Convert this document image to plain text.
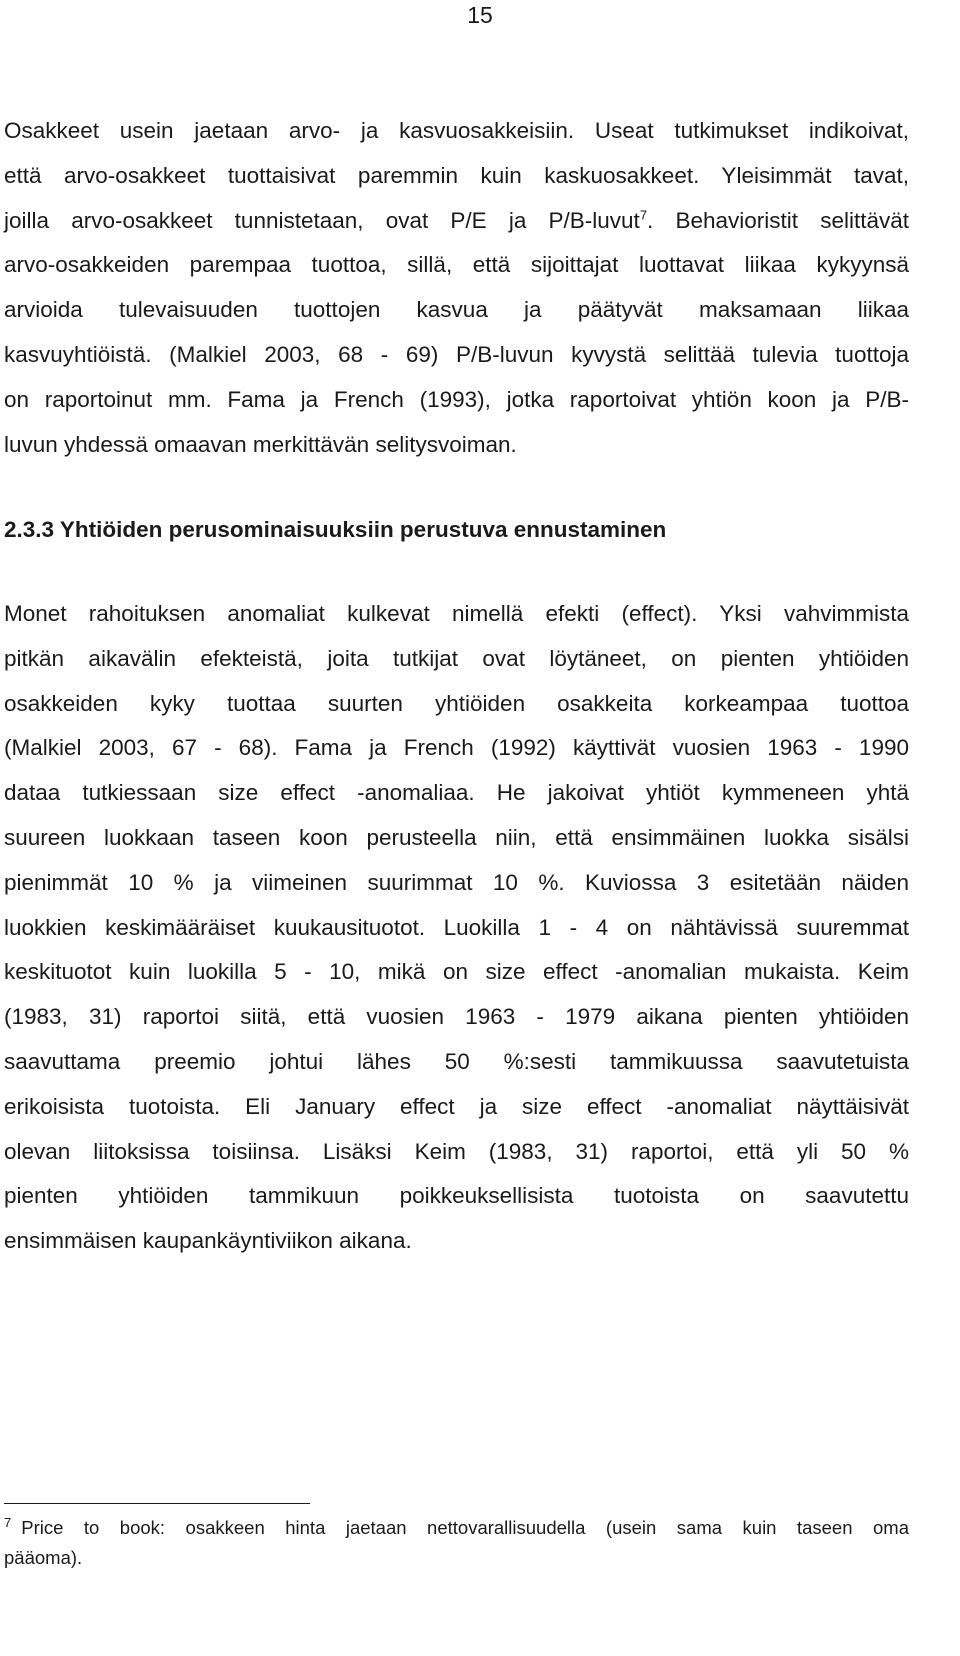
15
Osakkeet usein jaetaan arvo- ja kasvuosakkeisiin. Useat tutkimukset indikoivat,
että arvo-osakkeet tuottaisivat paremmin kuin kaskuosakkeet. Yleisimmät tavat,
joilla arvo-osakkeet tunnistetaan, ovat P/E ja P/B-luvut$^7$. Behavioristit selittävät
arvo-osakkeiden parempaa tuottoa, sillä, että sijoittajat luottavat liikaa kykyynsä
arvioida tulevaisuuden tuottojen kasvua ja päätyvät maksamaan liikaa
kasvuyhtiöistä. (Malkiel 2003, 68 - 69) P/B-luvun kyvystä selittää tulevia tuottoja
on raportoinut mm. Fama ja French (1993), jotka raportoivat yhtiön koon ja P/B-
luvun yhdessä omaavan merkittävän selitysvoiman.
2.3.3 Yhtiöiden perusominaisuuksiin perustuva ennustaminen
Monet rahoituksen anomaliat kulkevat nimellä efekti (effect). Yksi vahvimmista
pitkän aikavälin efekteistä, joita tutkijat ovat löytäneet, on pienten yhtiöiden
osakkeiden kyky tuottaa suurten yhtiöiden osakkeita korkeampaa tuottoa
(Malkiel 2003, 67 - 68). Fama ja French (1992) käyttivät vuosien 1963 - 1990
dataa tutkiessaan size effect -anomaliaa. He jakoivat yhtiöt kymmeneen yhtä
suureen luokkaan taseen koon perusteella niin, että ensimmäinen luokka sisälsi
pienimmät 10 % ja viimeinen suurimmat 10 %. Kuviossa 3 esitetään näiden
luokkien keskimääräiset kuukausituotot. Luokilla 1 - 4 on nähtävissä suuremmat
keskituotot kuin luokilla 5 - 10, mikä on size effect -anomalian mukaista. Keim
(1983, 31) raportoi siitä, että vuosien 1963 - 1979 aikana pienten yhtiöiden
saavuttama preemio johtui lähes 50 %:sesti tammikuussa saavutetuista
erikoisista tuotoista. Eli January effect ja size effect -anomaliat näyttäisivät
olevan liitoksissa toisiinsa. Lisäksi Keim (1983, 31) raportoi, että yli 50 %
pienten yhtiöiden tammikuun poikkeuksellisista tuotoista on saavutettu
ensimmäisen kaupankäyntiviikon aikana.
$^7$ Price to book: osakkeen hinta jaetaan nettovarallisuudella (usein sama kuin taseen oma
pääoma).
